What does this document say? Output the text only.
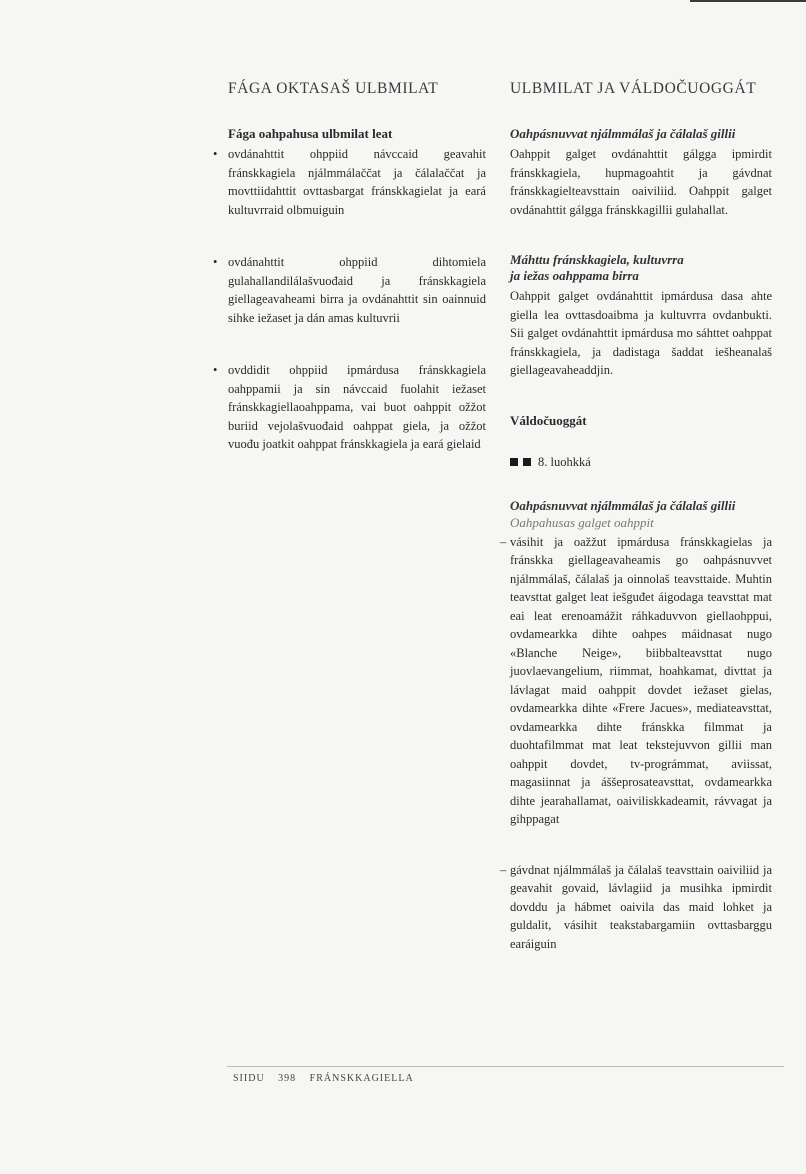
FÁGA OKTASAŠ ULBMILAT
Fága oahpahusa ulbmilat leat
• ovdánahttit ohppiid návccaid geavahit fránskkagiela njálmmálaččat ja čálalaččat ja movttiidahttit ovttasbargat fránskkagielat ja eará kultuvrraid olbmuiguin
• ovdánahttit ohppiid dihtomiela gulahallandilálašvuođaid ja fránskkagiela giellageavaheami birra ja ovdánahttit sin oainnuid sihke iežaset ja dán amas kultuvrii
• ovddidit ohppiid ipmárdusa fránskkagiela oahppamii ja sin návccaid fuolahit iežaset fránskkagiellaoahppama, vai buot oahppit ožžot buriid vejolašvuođaid oahppat giela, ja ožžot vuođu joatkit oahppat fránskkagiela ja eará gielaid
ULBMILAT JA VÁLDOČUOGGÁT
Oahpásnuvvat njálmmálaš ja čálalaš gillii

Oahppit galget ovdánahttit gálgga ipmirdit fránskkagiela, hupmagoahtit ja gávdnat fránskkagielteavsttain oaiviliid. Oahppit galget ovdánahttit gálgga fránskkagillii gulahallat.

Máhttu fránskkagiela, kultuvrra
ja iežas oahppama birra

Oahppit galget ovdánahttit ipmárdusa dasa ahte giella lea ovttasdoaibma ja kultuvrra ovdanbukti. Sii galget ovdánahttit ipmárdusa mo sáhttet oahppat fránskkagiela, ja dadistaga šaddat iešheanalaš giellageavaheaddjin.

Váldočuoggát
8. luohkká
Oahpásnuvvat njálmmálaš ja čálalaš gillii
Oahpahusas galget oahppit
– vásihit ja oažžut ipmárdusa fránskkagielas ja fránskka giellageavaheamis go oahpásnuvvet njálmmálaš, čálalaš ja oinnolaš teavsttaide. Muhtin teavsttat galget leat iešguđet áigodaga teavsttat mat eai leat erenoamážit ráhkaduvvon giellaohppui, ovdamearkka dihte oahpes máidnasat nugo «Blanche Neige», biibbalteavsttat nugo juovlaevangelium, riimmat, hoahkamat, divttat ja lávlagat maid oahppit dovdet iežaset gielas, ovdamearkka dihte «Frere Jacues», mediateavsttat, ovdamearkka dihte fránskka filmmat ja duohtafilmmat mat leat tekstejuvvon gillii man oahppit dovdet, tv-prográmmat, aviissat, magasiinnat ja áššeprosateavsttat, ovdamearkka dihte jearahallamat, oaiviliskkadeamit, rávvagat ja gihppagat
– gávdnat njálmmálaš ja čálalaš teavsttain oaiviliid ja geavahit govaid, lávlagiid ja musihka ipmirdit dovddu ja hábmet oaivila das maid lohket ja guldalit, vásihit teakstabargamiin ovttasbarggu earáiguin
SIIDU 398 FRÁNSKKAGIELLA
